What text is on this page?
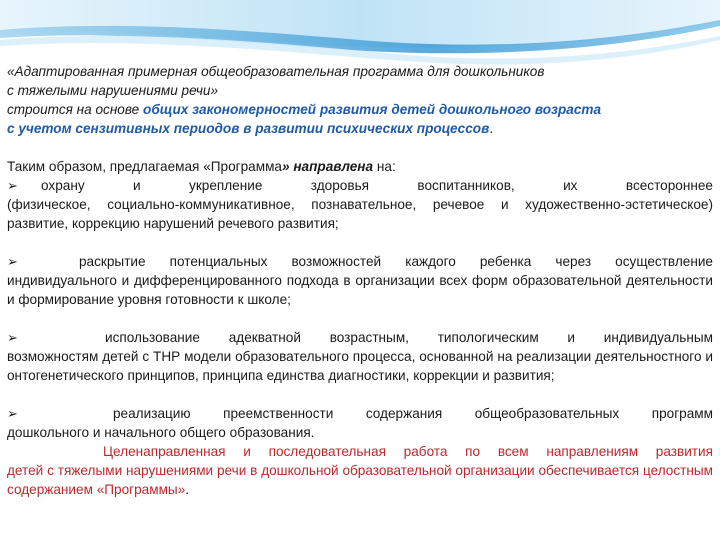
«Адаптированная примерная общеобразовательная программа для дошкольников

с тяжелыми нарушениями речи»

строится на основе общих закономерностей развития детей дошкольного возраста

с учетом сензитивных периодов в развитии психических процессов.

Таким образом, предлагаемая «Программа» направлена на:

➢	охрану и укрепление здоровья воспитанников, их всестороннее

(физическое, социально-коммуникативное, познавательное, речевое и художественно-эстетическое) развитие, коррекцию нарушений речевого развития;

➢	раскрытие потенциальных возможностей каждого ребенка через осуществление

индивидуального и дифференцированного подхода в организации всех форм образовательной деятельности и формирование уровня готовности к школе;

➢	использование адекватной возрастным, типологическим и индивидуальным

возможностям детей с ТНР модели образовательного процесса, основанной на реализации деятельностного и онтогенетического принципов, принципа единства диагностики, коррекции и развития;

➢	реализацию преемственности содержания общеобразовательных программ

дошкольного и начального общего образования.

Целенаправленная и последовательная работа по всем направлениям развития

детей с тяжелыми нарушениями речи в дошкольной образовательной организации обеспечивается целостным содержанием «Программы».
